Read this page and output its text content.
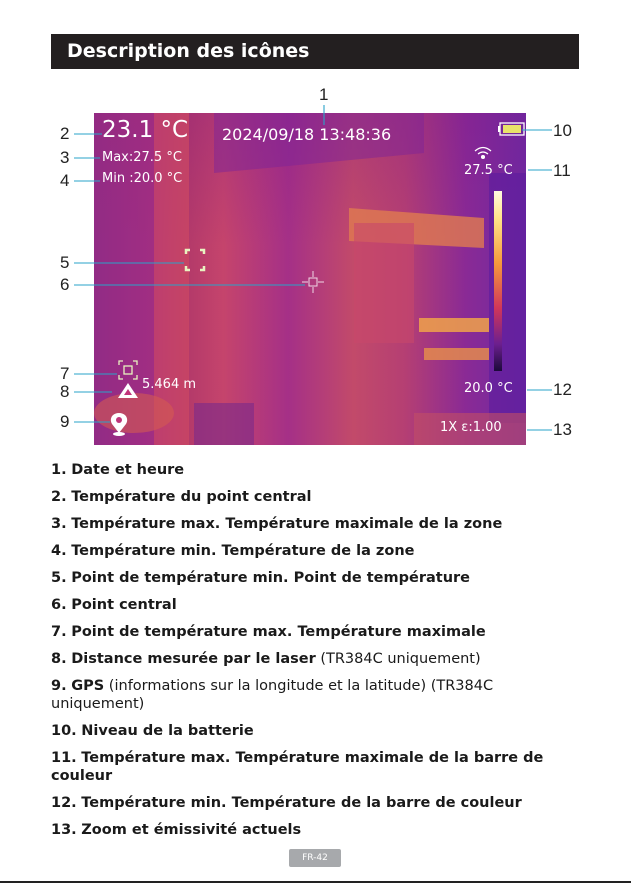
Description des icônes
1
2
3
4
5
6
7
8
9
10
11
12
13
23.1 °C 2024/09/18 13:48:36
Max:27.5 °C
Min :20.0 °C
27.5 °C
20.0 °C
5.464 m
1X ε:1.00
1. Date et heure
2. Température du point central
3. Température max. Température maximale de la zone
4. Température min. Température de la zone
5. Point de température min. Point de température
6. Point central
7. Point de température max. Température maximale
8. Distance mesurée par le laser (TR384C uniquement)
9. GPS (informations sur la longitude et la latitude) (TR384C uniquement)
10. Niveau de la batterie
11. Température max. Température maximale de la barre de couleur
12. Température min. Température de la barre de couleur
13. Zoom et émissivité actuels
FR-42
